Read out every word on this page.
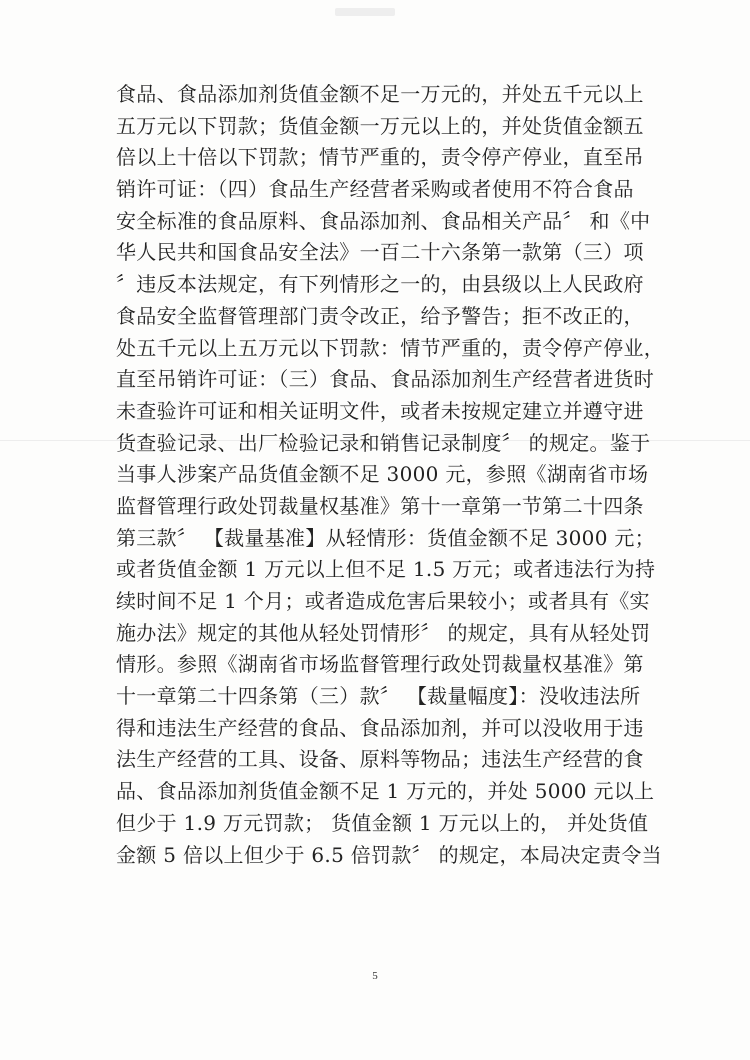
食品、食品添加剂货值金额不足一万元的，并处五千元以上
五万元以下罚款；货值金额一万元以上的，并处货值金额五
倍以上十倍以下罚款；情节严重的，责令停产停业，直至吊
销许可证：（四）食品生产经营者采购或者使用不符合食品
安全标准的食品原料、食品添加剂、食品相关产品〞 和《中
华人民共和国食品安全法》一百二十六条第一款第（三）项
〞违反本法规定，有下列情形之一的，由县级以上人民政府
食品安全监督管理部门责令改正，给予警告；拒不改正的，
处五千元以上五万元以下罚款：情节严重的，责令停产停业，
直至吊销许可证：（三）食品、食品添加剂生产经营者进货时
未查验许可证和相关证明文件，或者未按规定建立并遵守进
货查验记录、出厂检验记录和销售记录制度〞 的规定。鉴于
当事人涉案产品货值金额不足 3000 元，参照《湖南省市场
监督管理行政处罚裁量权基准》第十一章第一节第二十四条
第三款〞 【裁量基准】从轻情形：货值金额不足 3000 元；
或者货值金额 1 万元以上但不足 1.5 万元；或者违法行为持
续时间不足 1 个月；或者造成危害后果较小；或者具有《实
施办法》规定的其他从轻处罚情形〞 的规定，具有从轻处罚
情形。参照《湖南省市场监督管理行政处罚裁量权基准》第
十一章第二十四条第（三）款〞 【裁量幅度】：没收违法所
得和违法生产经营的食品、食品添加剂，并可以没收用于违
法生产经营的工具、设备、原料等物品；违法生产经营的食
品、食品添加剂货值金额不足 1 万元的，并处 5000 元以上
但少于 1.9 万元罚款； 货值金额 1 万元以上的， 并处货值
金额 5 倍以上但少于 6.5 倍罚款〞 的规定，本局决定责令当
5
